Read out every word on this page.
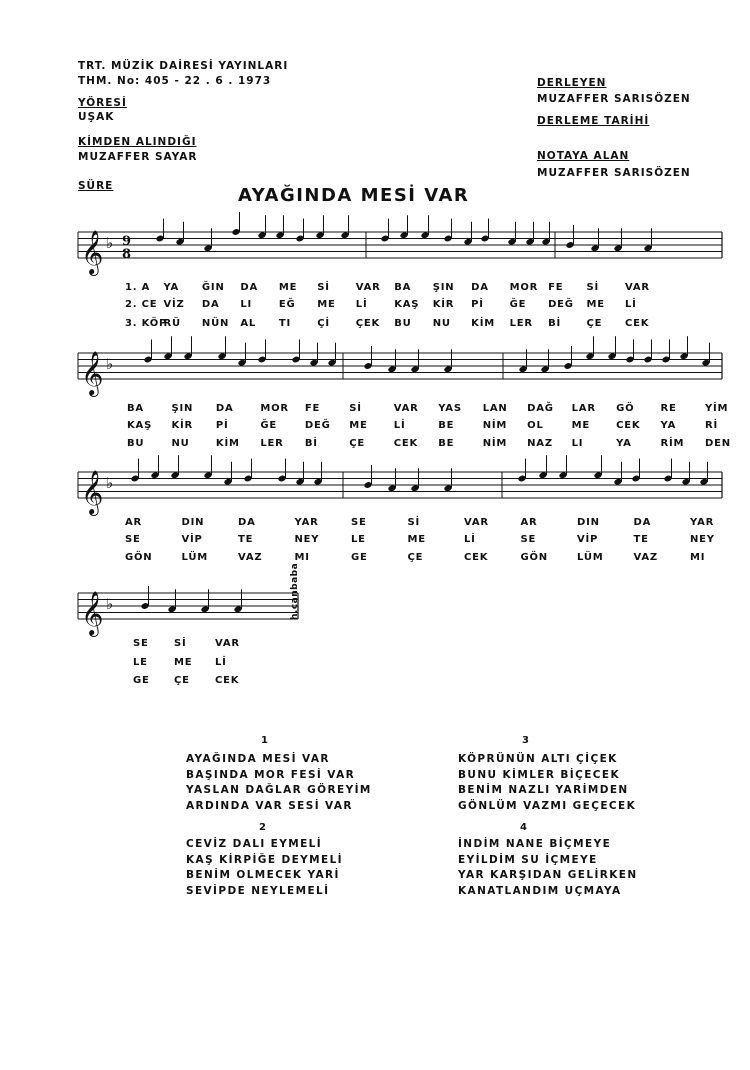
TRT. MÜZİK DAİRESİ YAYINLARI
THM. No: 405 - 22 . 6 . 1973
YÖRESİ
UŞAK
KİMDEN ALINDIĞI
MUZAFFER SAYAR
SÜRE
DERLEYEN
MUZAFFER SARISÖZEN
DERLEME TARİHİ
NOTAYA ALAN
MUZAFFER SARISÖZEN
AYAĞINDA MESİ VAR
𝄞 ♭ 9
8
𝄞 ♭
𝄞 ♭
𝄞 ♭	h.canbaba
1. A YA ĞIN DA ME Sİ	VAR BA ŞIN DA MOR FE Sİ	VAR
2. CE VİZ DA LI	EĞ ME Lİ	KAŞ KİR Pİ	ĞE DEĞ ME Lİ
3. KÖP
RÜ NÜN AL TI	Çİ	ÇEK BU NU KİM LER Bİ	ÇE CEK
BA	ŞIN DA	MOR FE	Sİ	VAR YAS LAN DAĞ LAR GÖ	RE	YİM
KAŞ KİR Pİ	ĞE	DEĞ ME	Lİ	BE	NİM OL	ME	CEK YA	Rİ
BU	NU	KİM LER Bİ	ÇE	CEK BE	NİM NAZ LI	YA	RİM DEN
AR	DIN	DA	YAR	SE	Sİ	VAR	AR	DIN	DA	YAR
SE	VİP	TE	NEY	LE	ME	Lİ	SE	VİP	TE	NEY
GÖN	LÜM	VAZ	MI	GE	ÇE	CEK	GÖN	LÜM	VAZ	MI
SE	Sİ	VAR
LE	ME Lİ
GE ÇE	CEK
1
AYAĞINDA MESİ VAR
BAŞINDA MOR FESİ VAR
YASLAN DAĞLAR GÖREYİM
ARDINDA VAR SESİ VAR
2
CEVİZ DALI EYMELİ
KAŞ KİRPİĞE DEYMELİ
BENİM OLMECEK YARİ
SEVİPDE NEYLEMELİ
3
KÖPRÜNÜN ALTI ÇİÇEK
BUNU KİMLER BİÇECEK
BENİM NAZLI YARİMDEN
GÖNLÜM VAZMI GEÇECEK
4
İNDİM NANE BİÇMEYE
EYİLDİM SU İÇMEYE
YAR KARŞIDAN GELİRKEN
KANATLANDIM UÇMAYA
